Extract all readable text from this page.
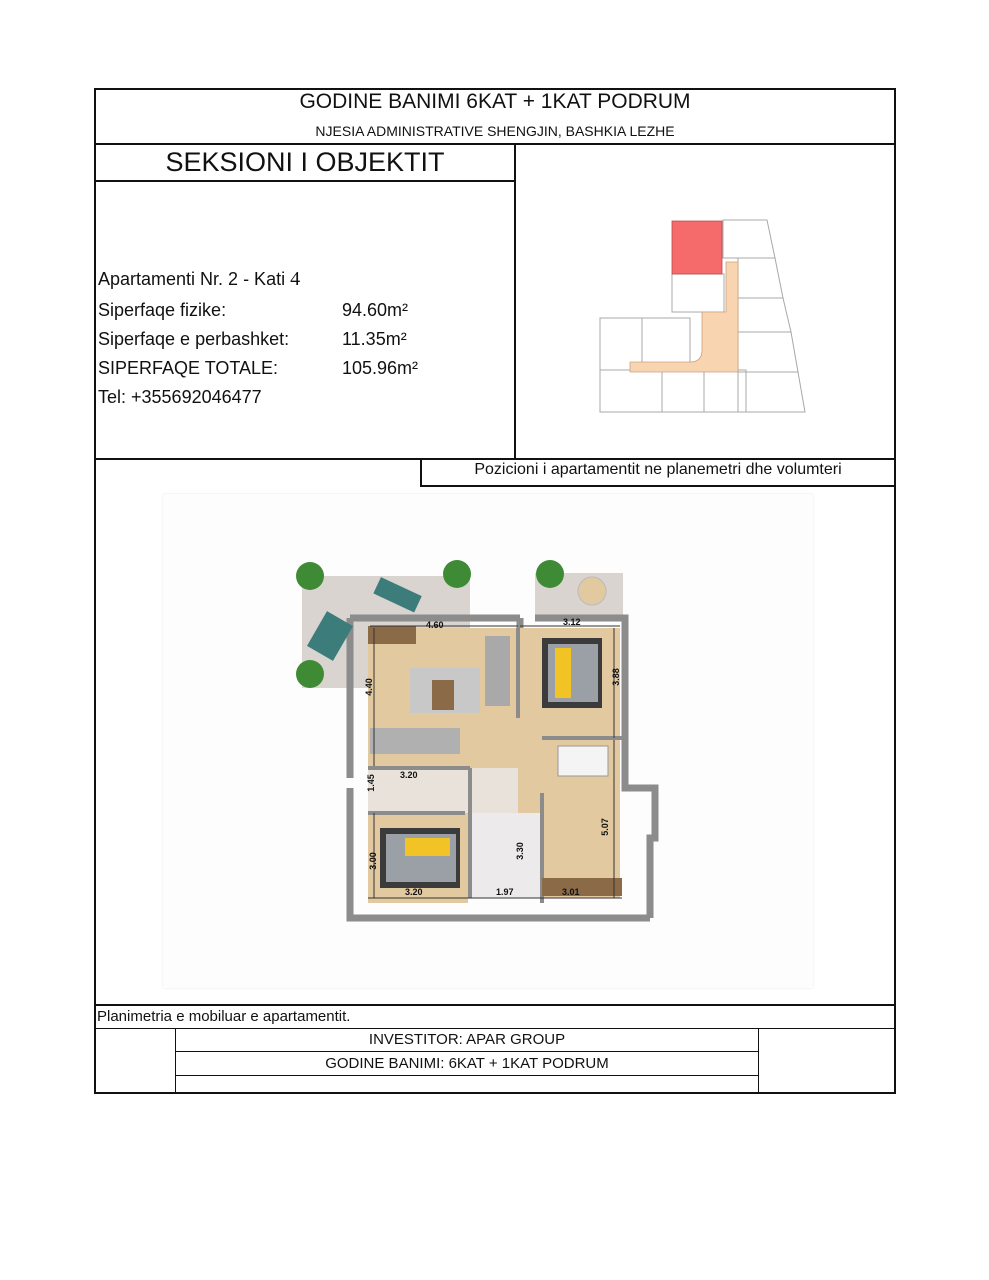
GODINE BANIMI 6KAT + 1KAT PODRUM
NJESIA ADMINISTRATIVE SHENGJIN, BASHKIA LEZHE
SEKSIONI I OBJEKTIT
Apartamenti Nr. 2 - Kati 4
Siperfaqe fizike:	94.60m²
Siperfaqe e perbashket:	11.35m²
SIPERFAQE TOTALE:	105.96m²
Tel: +355692046477
Pozicioni i apartamentit ne planemetri dhe volumteri
4.60	3.12
4.40
3.88
1.45	3.20
3.00
3.20
3.30
1.97	3.01
5.07
Planimetria e mobiluar e apartamentit.
INVESTITOR: APAR GROUP
GODINE BANIMI: 6KAT + 1KAT PODRUM
